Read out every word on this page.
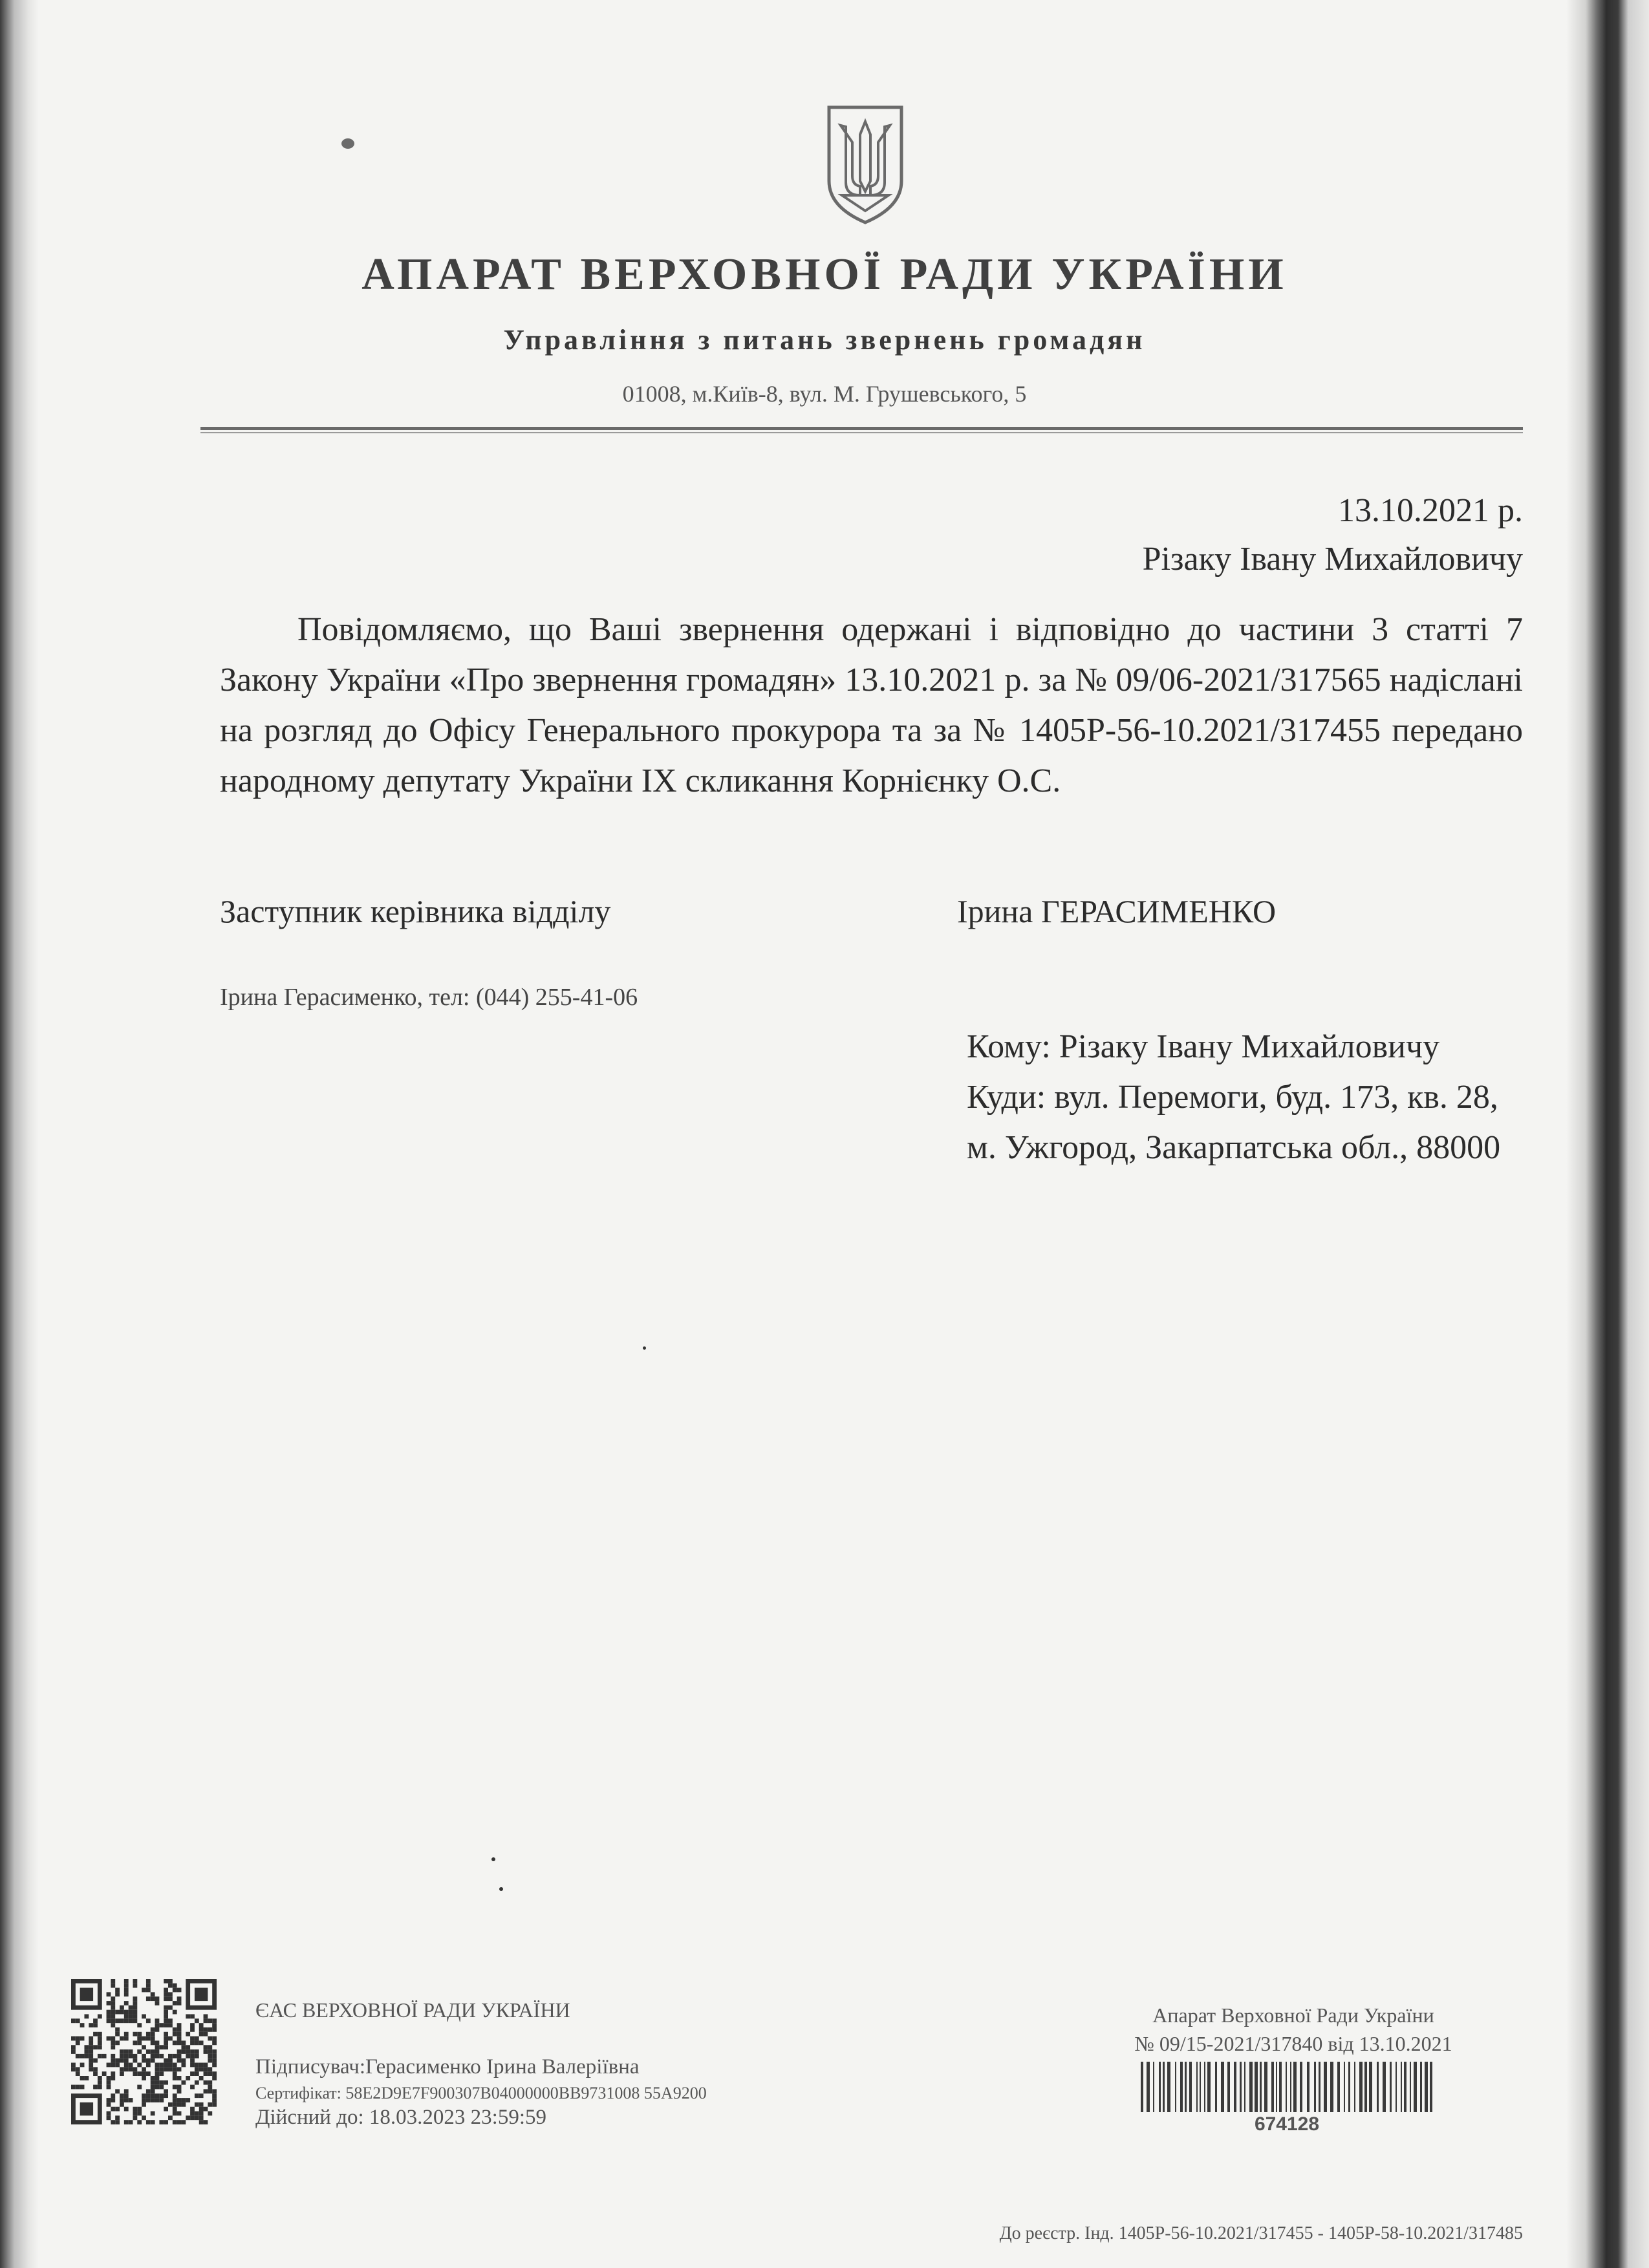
АПАРАТ ВЕРХОВНОЇ РАДИ УКРАЇНИ
Управління з питань звернень громадян
01008, м.Київ-8, вул. М. Грушевського, 5
13.10.2021 р.
Різаку Івану Михайловичу
Повідомляємо, що Ваші звернення одержані і відповідно до частини 3 статті 7 Закону України «Про звернення громадян» 13.10.2021 р. за № 09/06-2021/317565 надіслані на розгляд до Офісу Генерального прокурора та за № 1405Р-56-10.2021/317455 передано народному депутату України IX скликання Корнієнку О.С.
Заступник керівника відділу	Ірина ГЕРАСИМЕНКО
Ірина Герасименко, тел: (044) 255-41-06
Кому: Різаку Івану Михайловичу
Куди: вул. Перемоги, буд. 173, кв. 28, м. Ужгород, Закарпатська обл., 88000
ЄАС ВЕРХОВНОЇ РАДИ УКРАЇНИ
Підписувач:Герасименко Ірина Валеріївна
Сертифікат: 58E2D9E7F900307B04000000BB9731008 55A9200
Дійсний до: 18.03.2023 23:59:59
Апарат Верховної Ради України
№ 09/15-2021/317840 від 13.10.2021
674128
До реєстр. Інд. 1405Р-56-10.2021/317455 - 1405Р-58-10.2021/317485
